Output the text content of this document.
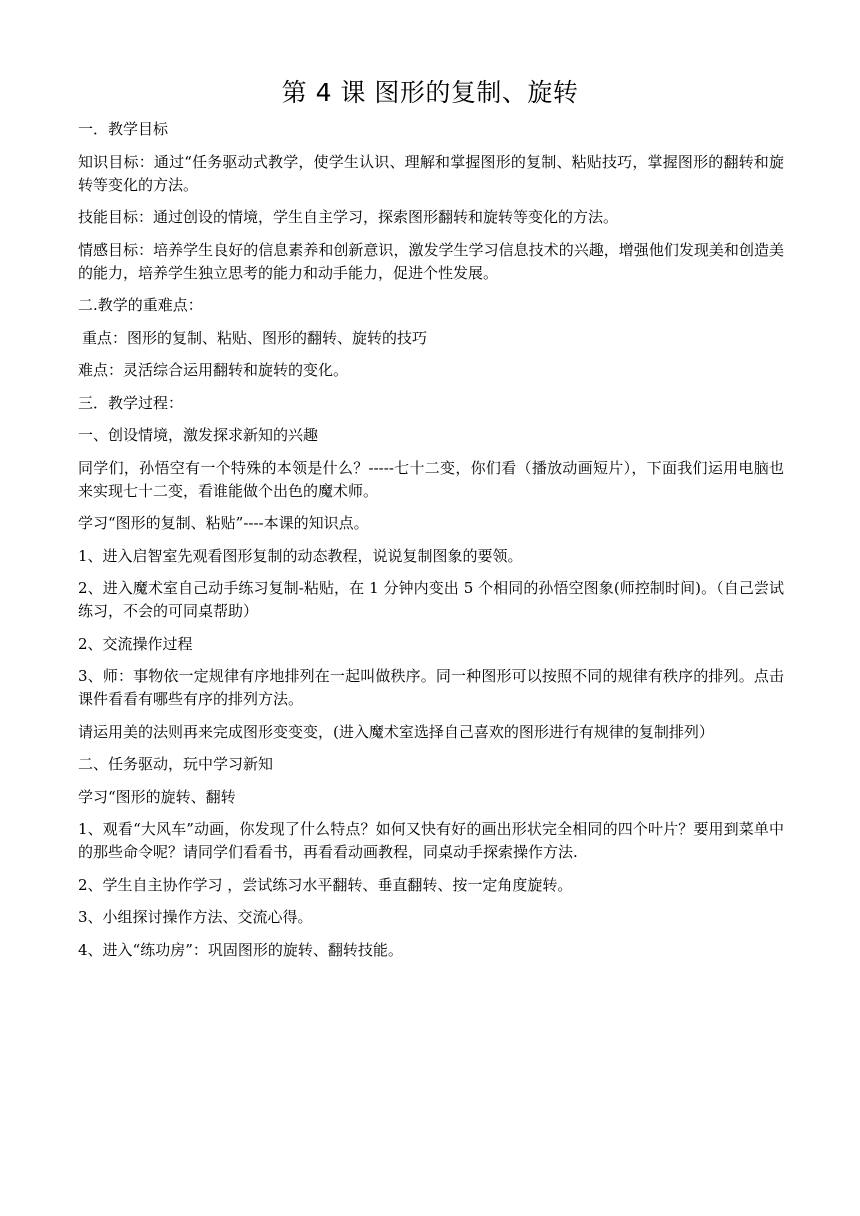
第 4 课 图形的复制、旋转

一．教学目标

知识目标：通过“任务驱动式教学，使学生认识、理解和掌握图形的复制、粘贴技巧，掌握图形的翻转和旋转等变化的方法。

技能目标：通过创设的情境，学生自主学习，探索图形翻转和旋转等变化的方法。

情感目标：培养学生良好的信息素养和创新意识，激发学生学习信息技术的兴趣，增强他们发现美和创造美的能力，培养学生独立思考的能力和动手能力，促进个性发展。

二.教学的重难点：

重点：图形的复制、粘贴、图形的翻转、旋转的技巧

难点：灵活综合运用翻转和旋转的变化。

三．教学过程：

一、创设情境，激发探求新知的兴趣

同学们，孙悟空有一个特殊的本领是什么？-----七十二变，你们看（播放动画短片），下面我们运用电脑也来实现七十二变，看谁能做个出色的魔术师。

学习“图形的复制、粘贴”----本课的知识点。

1、进入启智室先观看图形复制的动态教程，说说复制图象的要领。

2、进入魔术室自己动手练习复制-粘贴，在 1 分钟内变出 5 个相同的孙悟空图象(师控制时间)。（自己尝试练习，不会的可同桌帮助）

2、交流操作过程

3、师：事物依一定规律有序地排列在一起叫做秩序。同一种图形可以按照不同的规律有秩序的排列。点击课件看看有哪些有序的排列方法。

请运用美的法则再来完成图形变变变，(进入魔术室选择自己喜欢的图形进行有规律的复制排列）

二、任务驱动，玩中学习新知

学习“图形的旋转、翻转

1、观看“大风车”动画，你发现了什么特点？如何又快有好的画出形状完全相同的四个叶片？要用到菜单中的那些命令呢？请同学们看看书，再看看动画教程，同桌动手探索操作方法.

2、学生自主协作学习 ，尝试练习水平翻转、垂直翻转、按一定角度旋转。

3、小组探讨操作方法、交流心得。

4、进入“练功房”：巩固图形的旋转、翻转技能。
